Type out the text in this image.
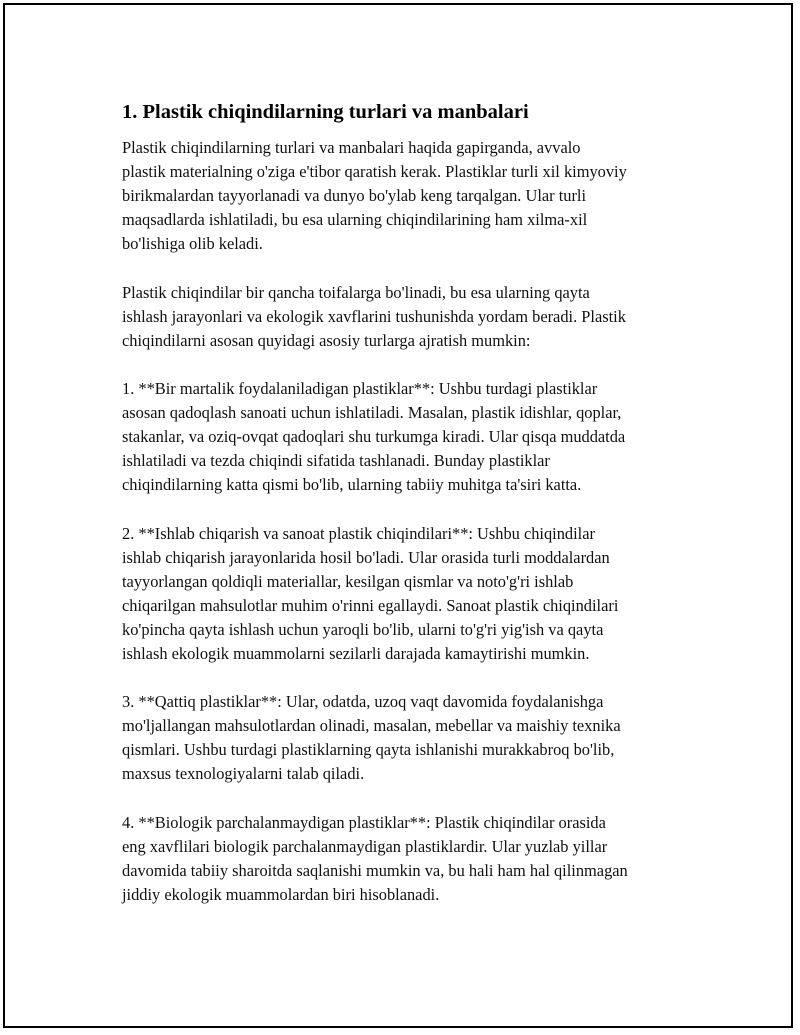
1. Plastik chiqindilarning turlari va manbalari

Plastik chiqindilarning turlari va manbalari haqida gapirganda, avvalo
plastik materialning o'ziga e'tibor qaratish kerak. Plastiklar turli xil kimyoviy
birikmalardan tayyorlanadi va dunyo bo'ylab keng tarqalgan. Ular turli
maqsadlarda ishlatiladi, bu esa ularning chiqindilarining ham xilma-xil
bo'lishiga olib keladi.

Plastik chiqindilar bir qancha toifalarga bo'linadi, bu esa ularning qayta
ishlash jarayonlari va ekologik xavflarini tushunishda yordam beradi. Plastik
chiqindilarni asosan quyidagi asosiy turlarga ajratish mumkin:

1. **Bir martalik foydalaniladigan plastiklar**: Ushbu turdagi plastiklar
asosan qadoqlash sanoati uchun ishlatiladi. Masalan, plastik idishlar, qoplar,
stakanlar, va oziq-ovqat qadoqlari shu turkumga kiradi. Ular qisqa muddatda
ishlatiladi va tezda chiqindi sifatida tashlanadi. Bunday plastiklar
chiqindilarning katta qismi bo'lib, ularning tabiiy muhitga ta'siri katta.

2. **Ishlab chiqarish va sanoat plastik chiqindilari**: Ushbu chiqindilar
ishlab chiqarish jarayonlarida hosil bo'ladi. Ular orasida turli moddalardan
tayyorlangan qoldiqli materiallar, kesilgan qismlar va noto'g'ri ishlab
chiqarilgan mahsulotlar muhim o'rinni egallaydi. Sanoat plastik chiqindilari
ko'pincha qayta ishlash uchun yaroqli bo'lib, ularni to'g'ri yig'ish va qayta
ishlash ekologik muammolarni sezilarli darajada kamaytirishi mumkin.

3. **Qattiq plastiklar**: Ular, odatda, uzoq vaqt davomida foydalanishga
mo'ljallangan mahsulotlardan olinadi, masalan, mebellar va maishiy texnika
qismlari. Ushbu turdagi plastiklarning qayta ishlanishi murakkabroq bo'lib,
maxsus texnologiyalarni talab qiladi.

4. **Biologik parchalanmaydigan plastiklar**: Plastik chiqindilar orasida
eng xavflilari biologik parchalanmaydigan plastiklardir. Ular yuzlab yillar
davomida tabiiy sharoitda saqlanishi mumkin va, bu hali ham hal qilinmagan
jiddiy ekologik muammolardan biri hisoblanadi.
